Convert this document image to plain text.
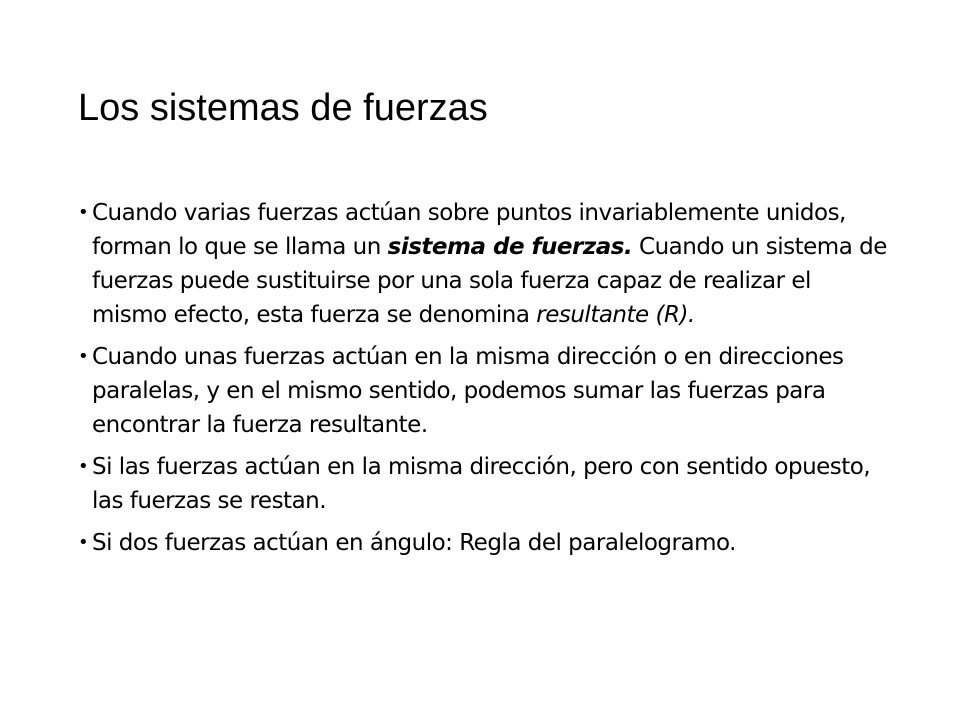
Los sistemas de fuerzas
• Cuando varias fuerzas actúan sobre puntos invariablemente unidos, forman lo que se llama un sistema de fuerzas. Cuando un sistema de fuerzas puede sustituirse por una sola fuerza capaz de realizar el mismo efecto, esta fuerza se denomina resultante (R).
• Cuando unas fuerzas actúan en la misma dirección o en direcciones paralelas, y en el mismo sentido, podemos sumar las fuerzas para encontrar la fuerza resultante.
• Si las fuerzas actúan en la misma dirección, pero con sentido opuesto, las fuerzas se restan.
• Si dos fuerzas actúan en ángulo: Regla del paralelogramo.
